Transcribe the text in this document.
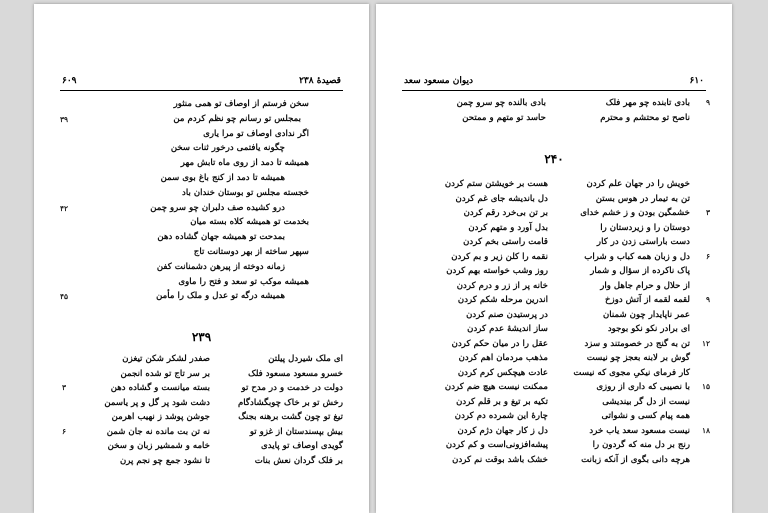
۶۰۹	قصیدهٔ ۲۳۸
سخن فرستم از اوصاف تو همی منثور
بمجلس تو رسانم چو نظم کردم من
اگر ندادی اوصاف تو مرا یاری
چگونه یافتمی درخور ثنات سخن
همیشه تا دمد از روی ماه تابش مهر
همیشه تا دمد از کنج باغ بوی سمن
خجسته مجلس تو بوستان خندان باد
درو کشیده صف دلبران چو سرو چمن
بخدمت تو همیشه کلاه بسته میان
بمدحت تو همیشه جهان گشاده دهن
سپهر ساخته از بهر دوستانت تاج
زمانه دوخته از پیرهن دشمنانت کفن
همیشه موکب تو سعد و فتح را ماوی
همیشه درگه تو عدل و ملک را مأمن
۳۹
۴۲
۴۵
۲۳۹
ای ملک شیردل پیلتن
خسرو مسعود مسعود فلک
دولت در خدمت و در مدح تو
رخش تو بر خاک چوبگشادگام
تیغ تو چون گشت برهنه بجنگ
بیش بپسندستان از غزو تو
گویدی اوصاف تو پایدی
بر فلک گردان نعش بنات
صفدر لشکر شکن تیغزن
بر سر تاج تو شده انجمن
بسته میانست و گشاده دهن
دشت شود پر گل و پر یاسمن
جوشن پوشد ز نهیب اهرمن
نه تن بت مانده نه جان شمن
خامه و شمشیر زبان و سخن
تا نشود جمع چو نجم پرن
۳
۶
دیوان مسعود سعد	۶۱۰
بادی تابنده چو مهر فلک
ناصح تو محتشم و محترم
بادی بالنده چو سرو چمن
حاسد تو متهم و ممتحن
۲۴۰
خویش را در جهان علم کردن
تن به تیمار در هوس بستن
خشمگین بودن و ز خشم خدای
دوستان را و زیردستان را
دست باراستی زدن در کار
دل و زبان همه کباب و شراب
پاک ناکرده از سؤال و شمار
از حلال و حرام جاهل وار
لقمه لقمه از آتش دوزخ
عمر ناپایدار چون شمنان
ای برادر نکو نکو بوجود
تن به گنج در خصومتند و سزد
گوش بر لابنه بعجز چو نیست
کار فرمای نیکیِ مجوی که نیست
با نصیبی که داری از روزی
نیست از دل گر بیندیشی
همه پیام کسی و نشواتی
نیست مسعود سعد یاب خرد
رنج بر دل منه که گردون را
هرچه دانی بگوی از آنکه زبانت
هست بر خویشتن ستم کردن
دل باندیشه جای غم کردن
بر تن بی‌خرد رقم کردن
بدل آورد و متهم کردن
قامت راستی بخم کردن
نقمه را کلن زیر و بم کردن
روز وشب خواسته بهم کردن
خانه پر از زر و درم کردن
اندرین مرحله شکم کردن
در پرستیدن صنم کردن
ساز اندیشهٔ عدم کردن
عقل را در میان حکم کردن
مذهب مردمان اهم کردن
عادت هیچکس کرم کردن
ممکنت نیست هیچ ضم کردن
تکیه بر تیغ و بر قلم کردن
چارهٔ این شمرده دم کردن
دل ز کار جهان دژم کردن
پیشه‌افزونی‌است و کم کردن
خشک باشد بوقت نم کردن
۹
۳
۶
۹
۱۲
۱۵
۱۸
